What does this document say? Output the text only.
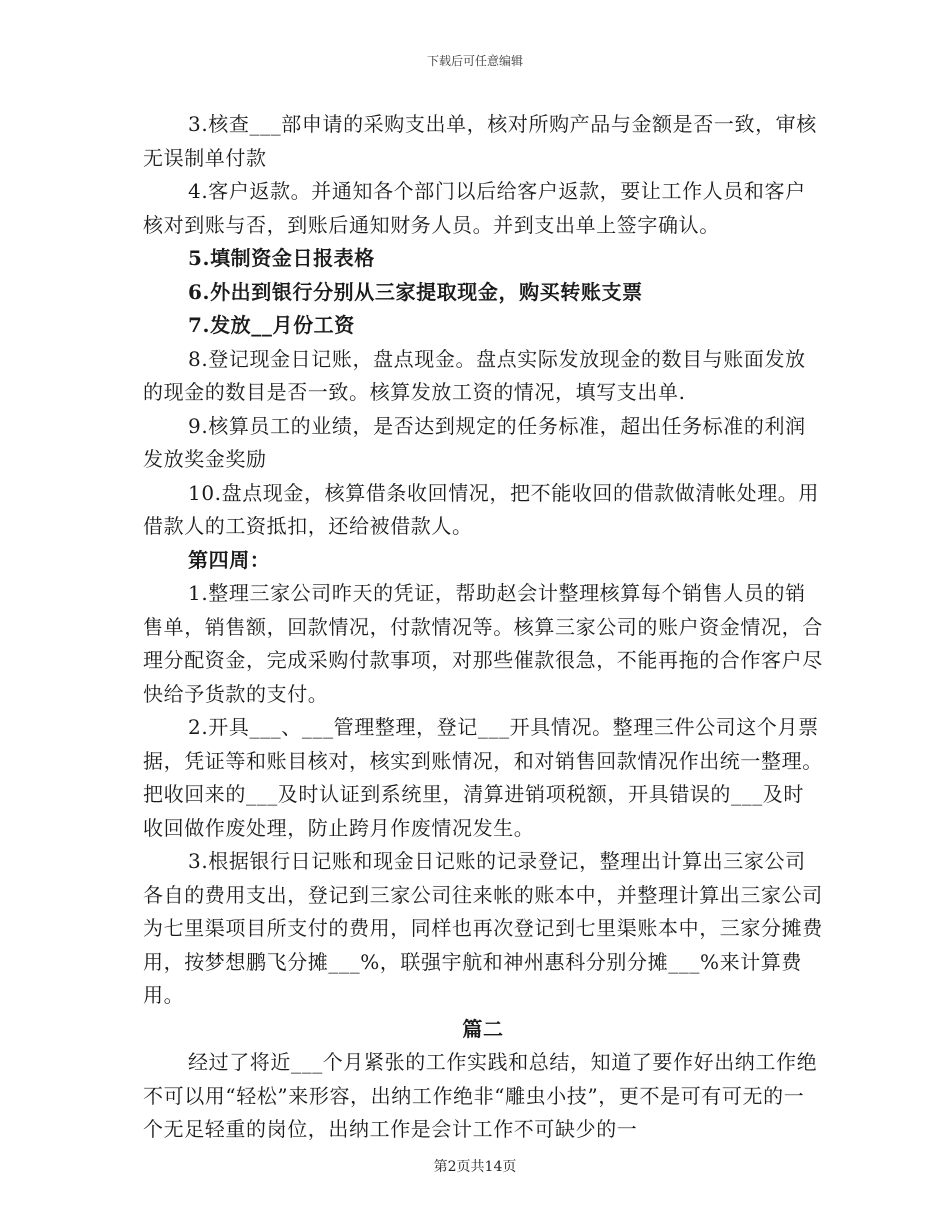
下载后可任意编辑

3.核查___部申请的采购支出单，核对所购产品与金额是否一致，审核无误制单付款

4.客户返款。并通知各个部门以后给客户返款，要让工作人员和客户核对到账与否，到账后通知财务人员。并到支出单上签字确认。

5.填制资金日报表格

6.外出到银行分别从三家提取现金，购买转账支票

7.发放__月份工资

8.登记现金日记账，盘点现金。盘点实际发放现金的数目与账面发放的现金的数目是否一致。核算发放工资的情况，填写支出单.

9.核算员工的业绩，是否达到规定的任务标准，超出任务标准的利润发放奖金奖励

10.盘点现金，核算借条收回情况，把不能收回的借款做清帐处理。用借款人的工资抵扣，还给被借款人。

第四周：

1.整理三家公司昨天的凭证，帮助赵会计整理核算每个销售人员的销售单，销售额，回款情况，付款情况等。核算三家公司的账户资金情况，合理分配资金，完成采购付款事项，对那些催款很急，不能再拖的合作客户尽快给予货款的支付。

2.开具___、___管理整理，登记___开具情况。整理三件公司这个月票据，凭证等和账目核对，核实到账情况，和对销售回款情况作出统一整理。把收回来的___及时认证到系统里，清算进销项税额，开具错误的___及时收回做作废处理，防止跨月作废情况发生。

3.根据银行日记账和现金日记账的记录登记，整理出计算出三家公司各自的费用支出，登记到三家公司往来帐的账本中，并整理计算出三家公司为七里渠项目所支付的费用，同样也再次登记到七里渠账本中，三家分摊费用，按梦想鹏飞分摊___%，联强宇航和神州惠科分别分摊___%来计算费用。

篇二

经过了将近___个月紧张的工作实践和总结，知道了要作好出纳工作绝不可以用“轻松”来形容，出纳工作绝非“雕虫小技”，更不是可有可无的一个无足轻重的岗位，出纳工作是会计工作不可缺少的一

第2页共14页
